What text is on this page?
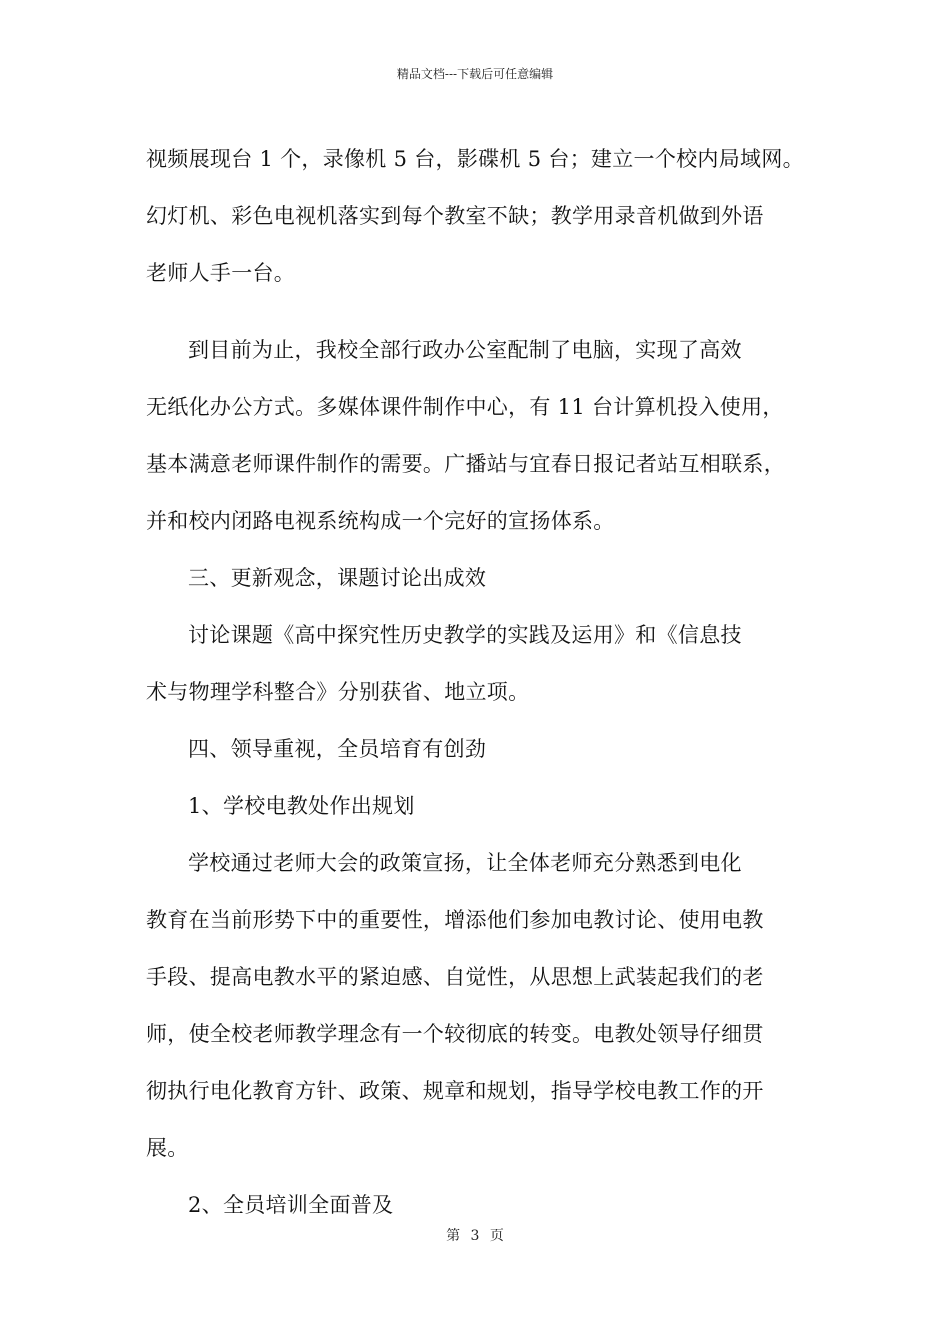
精品文档---下载后可任意编辑
视频展现台 1 个，录像机 5 台，影碟机 5 台；建立一个校内局域网。
幻灯机、彩色电视机落实到每个教室不缺；教学用录音机做到外语
老师人手一台。
到目前为止，我校全部行政办公室配制了电脑，实现了高效
无纸化办公方式。多媒体课件制作中心，有 11 台计算机投入使用，
基本满意老师课件制作的需要。广播站与宜春日报记者站互相联系，
并和校内闭路电视系统构成一个完好的宣扬体系。
三、更新观念，课题讨论出成效
讨论课题《高中探究性历史教学的实践及运用》和《信息技
术与物理学科整合》分别获省、地立项。
四、领导重视，全员培育有创劲
1、学校电教处作出规划
学校通过老师大会的政策宣扬，让全体老师充分熟悉到电化
教育在当前形势下中的重要性，增添他们参加电教讨论、使用电教
手段、提高电教水平的紧迫感、自觉性，从思想上武装起我们的老
师，使全校老师教学理念有一个较彻底的转变。电教处领导仔细贯
彻执行电化教育方针、政策、规章和规划，指导学校电教工作的开
展。
2、全员培训全面普及
第 3 页
